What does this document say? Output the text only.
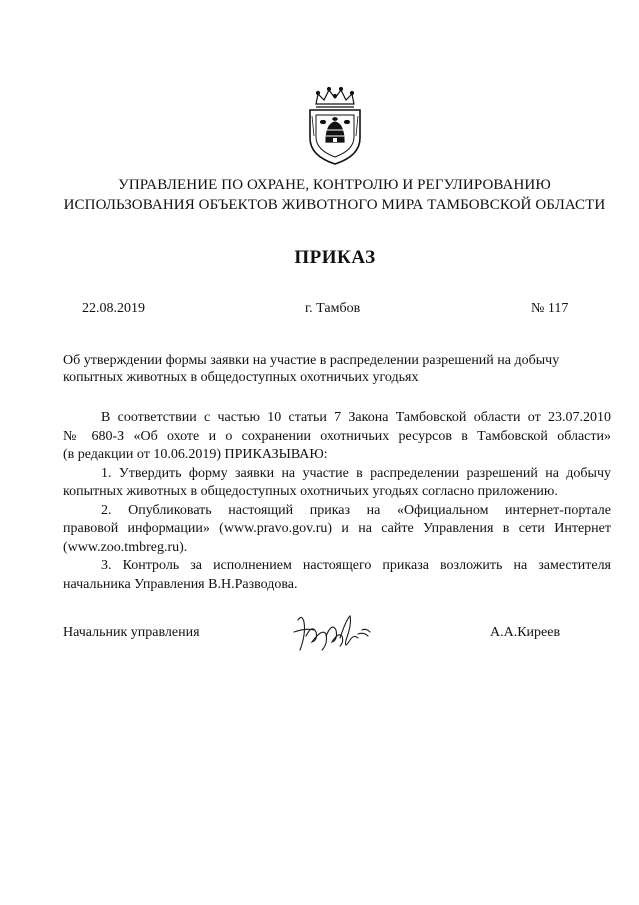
УПРАВЛЕНИЕ ПО ОХРАНЕ, КОНТРОЛЮ И РЕГУЛИРОВАНИЮ
ИСПОЛЬЗОВАНИЯ ОБЪЕКТОВ ЖИВОТНОГО МИРА ТАМБОВСКОЙ ОБЛАСТИ
ПРИКАЗ
22.08.2019	г. Тамбов	№ 117
Об утверждении формы заявки на участие в распределении разрешений на добычу
копытных животных в общедоступных охотничьих угодьях
В соответствии с частью 10 статьи 7 Закона Тамбовской области от 23.07.2010
№ 680-З «Об охоте и о сохранении охотничьих ресурсов в Тамбовской области»
(в редакции от 10.06.2019) ПРИКАЗЫВАЮ:
1. Утвердить форму заявки на участие в распределении разрешений на добычу
копытных животных в общедоступных охотничьих угодьях согласно приложению.
2. Опубликовать настоящий приказ на «Официальном интернет-портале
правовой информации» (www.pravo.gov.ru) и на сайте Управления в сети Интернет
(www.zoo.tmbreg.ru).
3. Контроль за исполнением настоящего приказа возложить на заместителя
начальника Управления В.Н.Разводова.
Начальник управления	А.А.Киреев
